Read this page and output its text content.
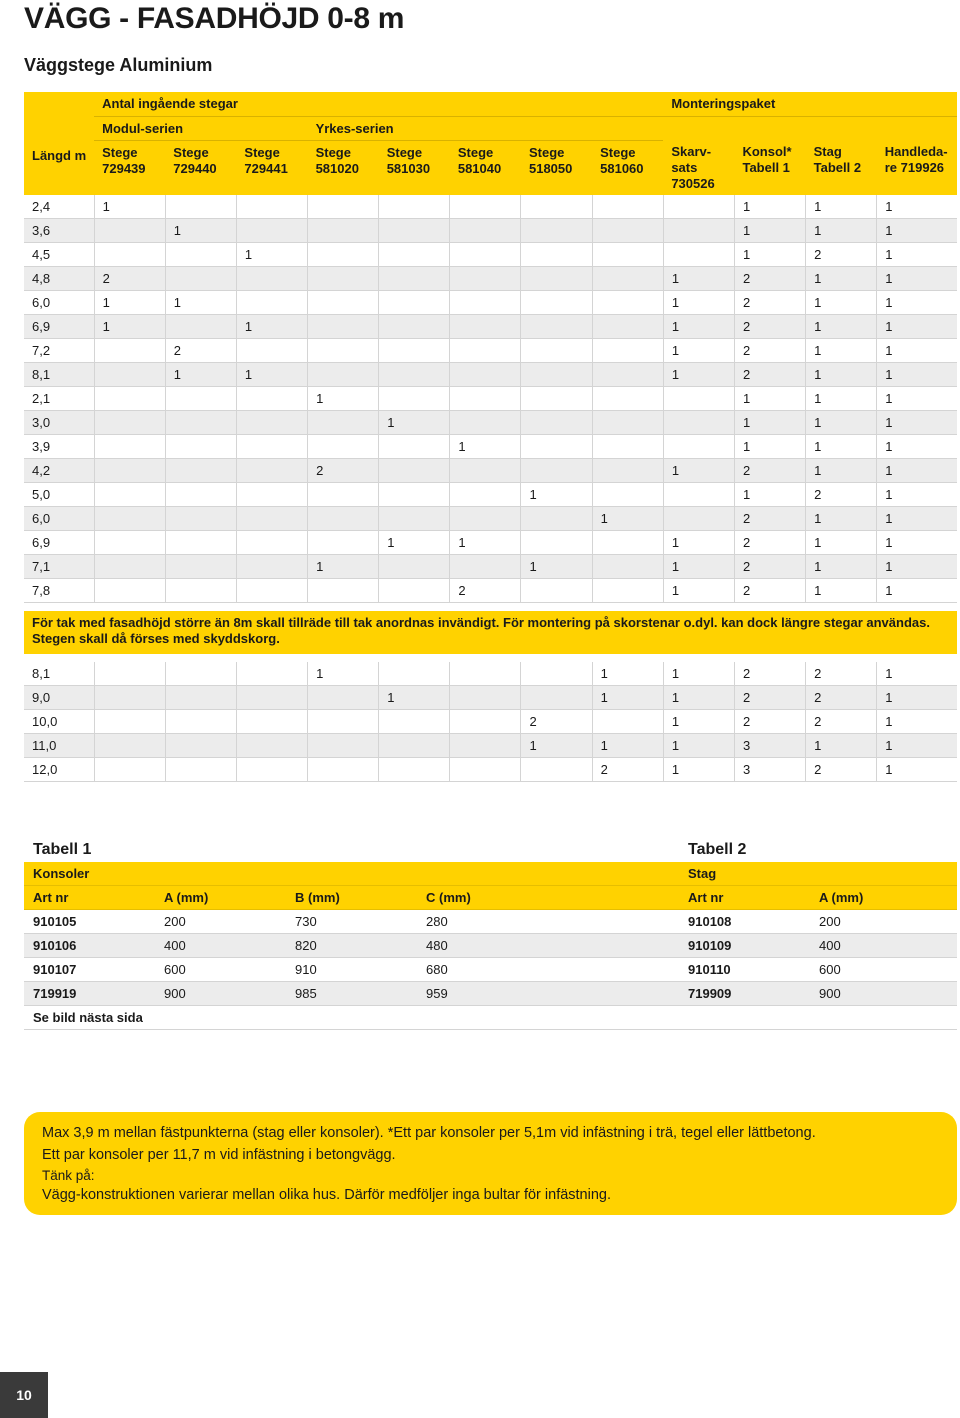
VÄGG - FASADHÖJD 0-8 m
Väggstege Aluminium
Längd m	Antal ingående stegar								Monteringspaket			
	Modul-serien			Yrkes-serien								
	Stege 729439	Stege 729440	Stege 729441	Stege 581020	Stege 581030	Stege 581040	Stege 518050	Stege 581060	Skarv-sats 730526	Konsol* Tabell 1	Stag Tabell 2	Handleda-re 719926
2,4	1									1	1	1
3,6		1								1	1	1
4,5			1							1	2	1
4,8	2								1	2	1	1
6,0	1	1							1	2	1	1
6,9	1		1						1	2	1	1
7,2		2							1	2	1	1
8,1		1	1						1	2	1	1
2,1				1						1	1	1
3,0					1					1	1	1
3,9						1				1	1	1
4,2				2					1	2	1	1
5,0							1			1	2	1
6,0								1		2	1	1
6,9					1	1			1	2	1	1
7,1				1			1		1	2	1	1
7,8						2			1	2	1	1

För tak med fasadhöjd större än 8m skall tillräde till tak anordnas invändigt. För montering på skorstenar o.dyl. kan dock längre stegar användas. Stegen skall då förses med skyddskorg.												

8,1				1				1	1	2	2	1
9,0					1			1	1	2	2	1
10,0							2		1	2	2	1
11,0							1	1	1	3	1	1
12,0								2	1	3	2	1
Tabell 1					Tabell 2	
Konsoler					Stag	
Art nr	A (mm)	B (mm)	C (mm)		Art nr	A (mm)
910105	200	730	280		910108	200
910106	400	820	480		910109	400
910107	600	910	680		910110	600
719919	900	985	959		719909	900
Se bild nästa sida						

Max 3,9 m mellan fästpunkterna (stag eller konsoler). *Ett par konsoler per 5,1m vid infästning i trä, tegel eller lättbetong.

Ett par konsoler per 11,7 m vid infästning i betongvägg.

Tänk på:

Vägg-konstruktionen varierar mellan olika hus. Därför medföljer inga bultar för infästning.

10
